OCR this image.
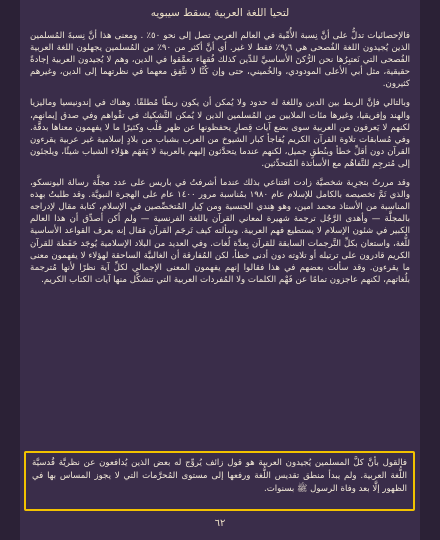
لتحيا اللغة العربية يسقط سيبويه

فالإحصائيات تدلُّ على أنَّ نِسبة الأُمِّية في العالم العربي تصل إلى نحو ٥٠٪ . ومعنى هذا أنَّ نِسبةَ المُسلمين الذين يُجيدون اللغة الفُصحى هي ٩٫٦٪ فقط لا غير. أي أنَّ أكثر من ٩٠٪ من المُسلمين يجهلون اللغة العربية الفُصحى التي نَعتبِرُها نحن الرُّكنَ الأساسيَّ للدِّين كذلك فُقهاء تعمَّقوا في الدين، وهم لا يُجيدون العربية إجادةً حقيقية، مثل أبي الأعلى المودودي، والخُميني، حتى وإن كُنَّا لا نتَّفِق معهما في نظرتهما إلى الدين، وغيرهم كثيرون.

وبالتالي فإنَّ الربط بين الدين واللغة له حدود ولا يُمكن أن يكون ربطًا مُطلقًا. وهناك في إندونيسيا وماليزيا والهند وإفريقيا، وغيرها مئات الملايين من المُسلمين الذين لا يُمكن التَّشكيك في تقْواهم وفي صدق إيمانهم، لكنهم لا يَعرفون من العربية سوى بضع آيات قِصارٍ يحفظونها عن ظهر قلْب وكثيرًا ما لا يفهمون معناها بدقَّة. وفي مُسابقات تلاوة القرآن الكريم يُفاجأ كبار الشيوخ من العرب بشباب من بلادٍ إسلامية غير عربية يقرءون القرآن دون أقلِّ خطأ وبنُطقٍ جميل، لكنهم عندما يتحدَّثون إليهم بالعربية لا يَفهَم هؤلاء الشباب شيئًا، ويلجئون إلى مُترجِم للتَّفاهُم مع الأساتذة المُتحدِّثين.

وقد مررتُ بتجرِبة شخصيَّة زادت اقتناعي بذلك عندما أشرفتُ في باريس على عدد مجلَّة رسالة اليونسكو، والذي تَمَّ تخصيصه بالكامل للإسلام عام ١٩٨٠ بمُناسبة مرور ١٤٠٠ عام على الهجرة النبويَّة. وقد طلبتُ بهذه المناسبة من الأستاذ محمد امين، وهو هِندي الجنسية ومن كِبار المُتخصِّصين في الإسلام، كتابة مقال لإدراجه بالمجلَّة — وأهدى الرَّجُل ترجمة شهيرة لمعاني القرآن باللغة الفرنسية — ولم أكن أصدِّق أن هذا العالم الكبير في شئون الإسلام لا يستطيع فهم العربية. وسألته كيف تَرجَم القرآن فقال إنه يعرف القواعد الأساسية للُّغة، واستعان بكلِّ التَّرجمات السابقة للقرآن بِعدَّة لُغات. وفي العديد من البلاد الإسلامية يُوجَد حَفَظة للقرآن الكريم قادرون على ترتيله أو تلاوته دون أدنى خطأ، لكن المُفارقة أن الغالبيَّة الساحقة لهؤلاء لا يفهمون معنى ما يقرءون. وقد سألت بعضهم في هذا فقالوا إنهم يفهمون المعنى الإجمالي لكلِّ آية نظرًا لأنها مُترجمة بلُغاتهم، لكنهم عاجزون تمامًا عن فَهْم الكلمات ولا المُفردات العربية التي تتشكَّل منها آيات الكتاب الكريم.

فالقول بأنَّ كلَّ المسلمين يُجيدون العربية هو قول زائف يُروِّج له بعض الذين يُدافعون عن نظريَّة قُدسيَّة اللُّغة العربية. ولم يبدأ منطق تقديس اللُّغة ورفعها إلى مستوى المُحرَّمات التي لا يجوز المساس بها في الظهور إلَّا بعد وفاة الرسول ﷺ بسنوات.
٦٢
